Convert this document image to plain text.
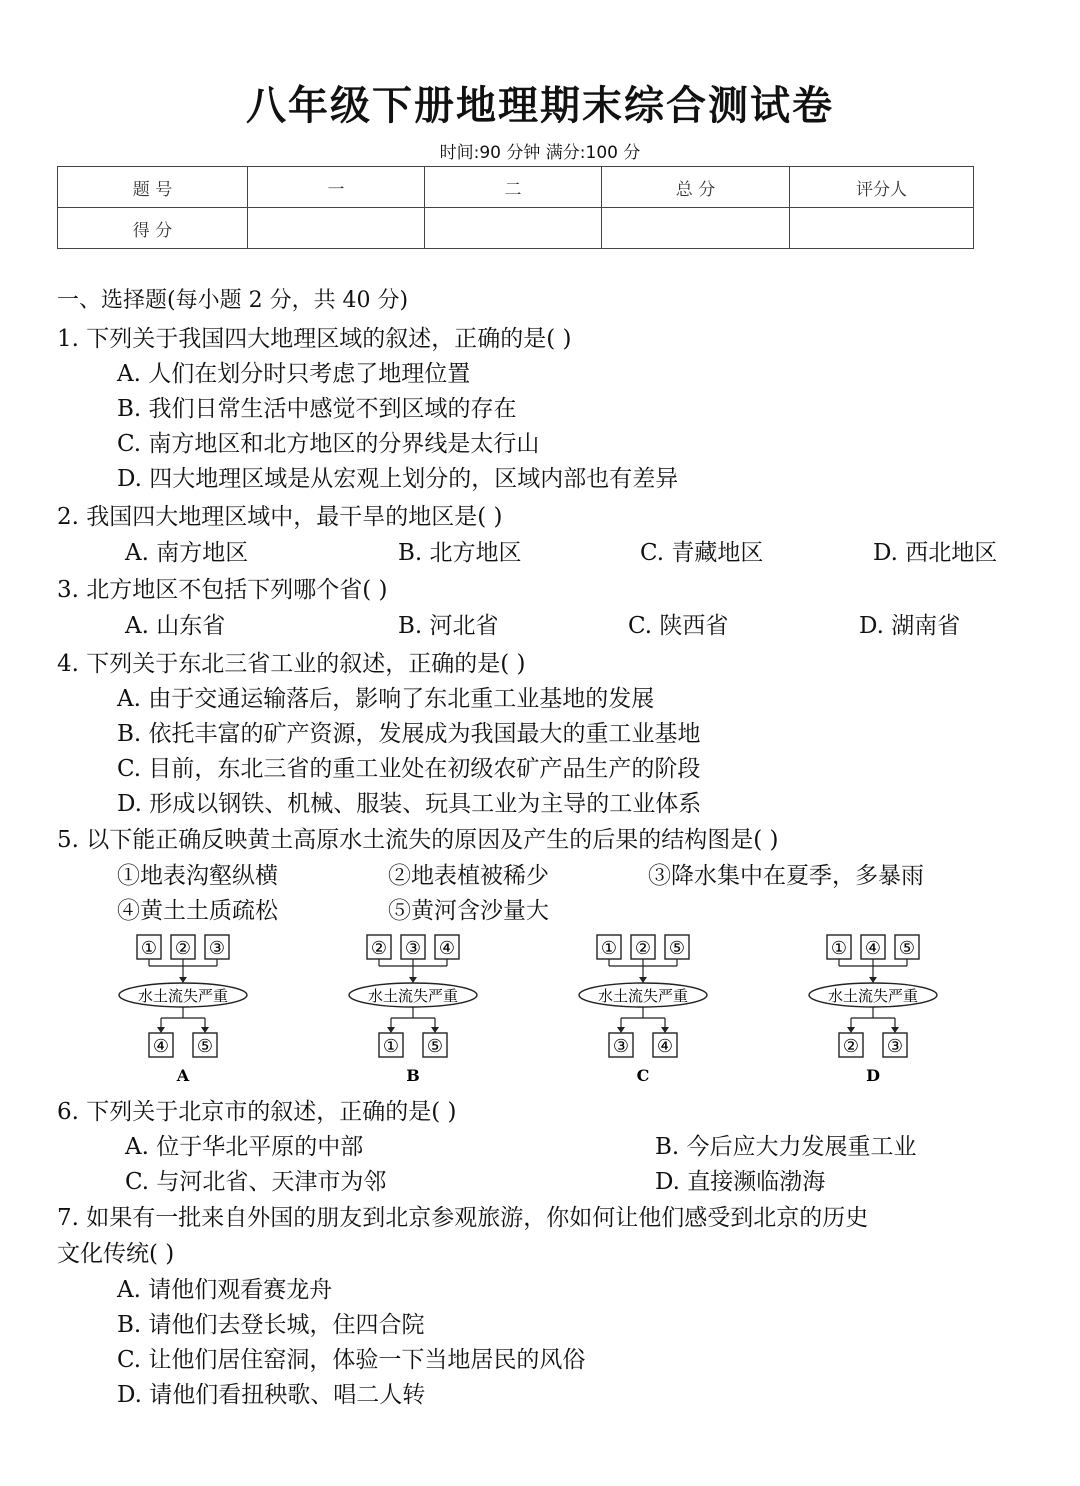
八年级下册地理期末综合测试卷
时间:90 分钟 满分:100 分
题 号	一	二	总 分	评分人
得 分				
一、选择题(每小题 2 分，共 40 分)
1. 下列关于我国四大地理区域的叙述，正确的是( )
A. 人们在划分时只考虑了地理位置
B. 我们日常生活中感觉不到区域的存在
C. 南方地区和北方地区的分界线是太行山
D. 四大地理区域是从宏观上划分的，区域内部也有差异
2. 我国四大地理区域中，最干旱的地区是( )
A. 南方地区	B. 北方地区	C. 青藏地区	D. 西北地区
3. 北方地区不包括下列哪个省( )
A. 山东省	B. 河北省	C. 陕西省	D. 湖南省
4. 下列关于东北三省工业的叙述，正确的是( )
A. 由于交通运输落后，影响了东北重工业基地的发展
B. 依托丰富的矿产资源，发展成为我国最大的重工业基地
C. 目前，东北三省的重工业处在初级农矿产品生产的阶段
D. 形成以钢铁、机械、服装、玩具工业为主导的工业体系
5. 以下能正确反映黄土高原水土流失的原因及产生的后果的结构图是( )
①地表沟壑纵横	②地表植被稀少	③降水集中在夏季，多暴雨
④黄土土质疏松	⑤黄河含沙量大
① ② ③
水土流失严重
④ ⑤
A
② ③ ④
水土流失严重
① ⑤
B
① ② ⑤
水土流失严重
③ ④
C
① ④ ⑤
水土流失严重
② ③
D
6. 下列关于北京市的叙述，正确的是( )
A. 位于华北平原的中部	B. 今后应大力发展重工业
C. 与河北省、天津市为邻	D. 直接濒临渤海
7. 如果有一批来自外国的朋友到北京参观旅游，你如何让他们感受到北京的历史
文化传统( )
A. 请他们观看赛龙舟
B. 请他们去登长城，住四合院
C. 让他们居住窑洞，体验一下当地居民的风俗
D. 请他们看扭秧歌、唱二人转
